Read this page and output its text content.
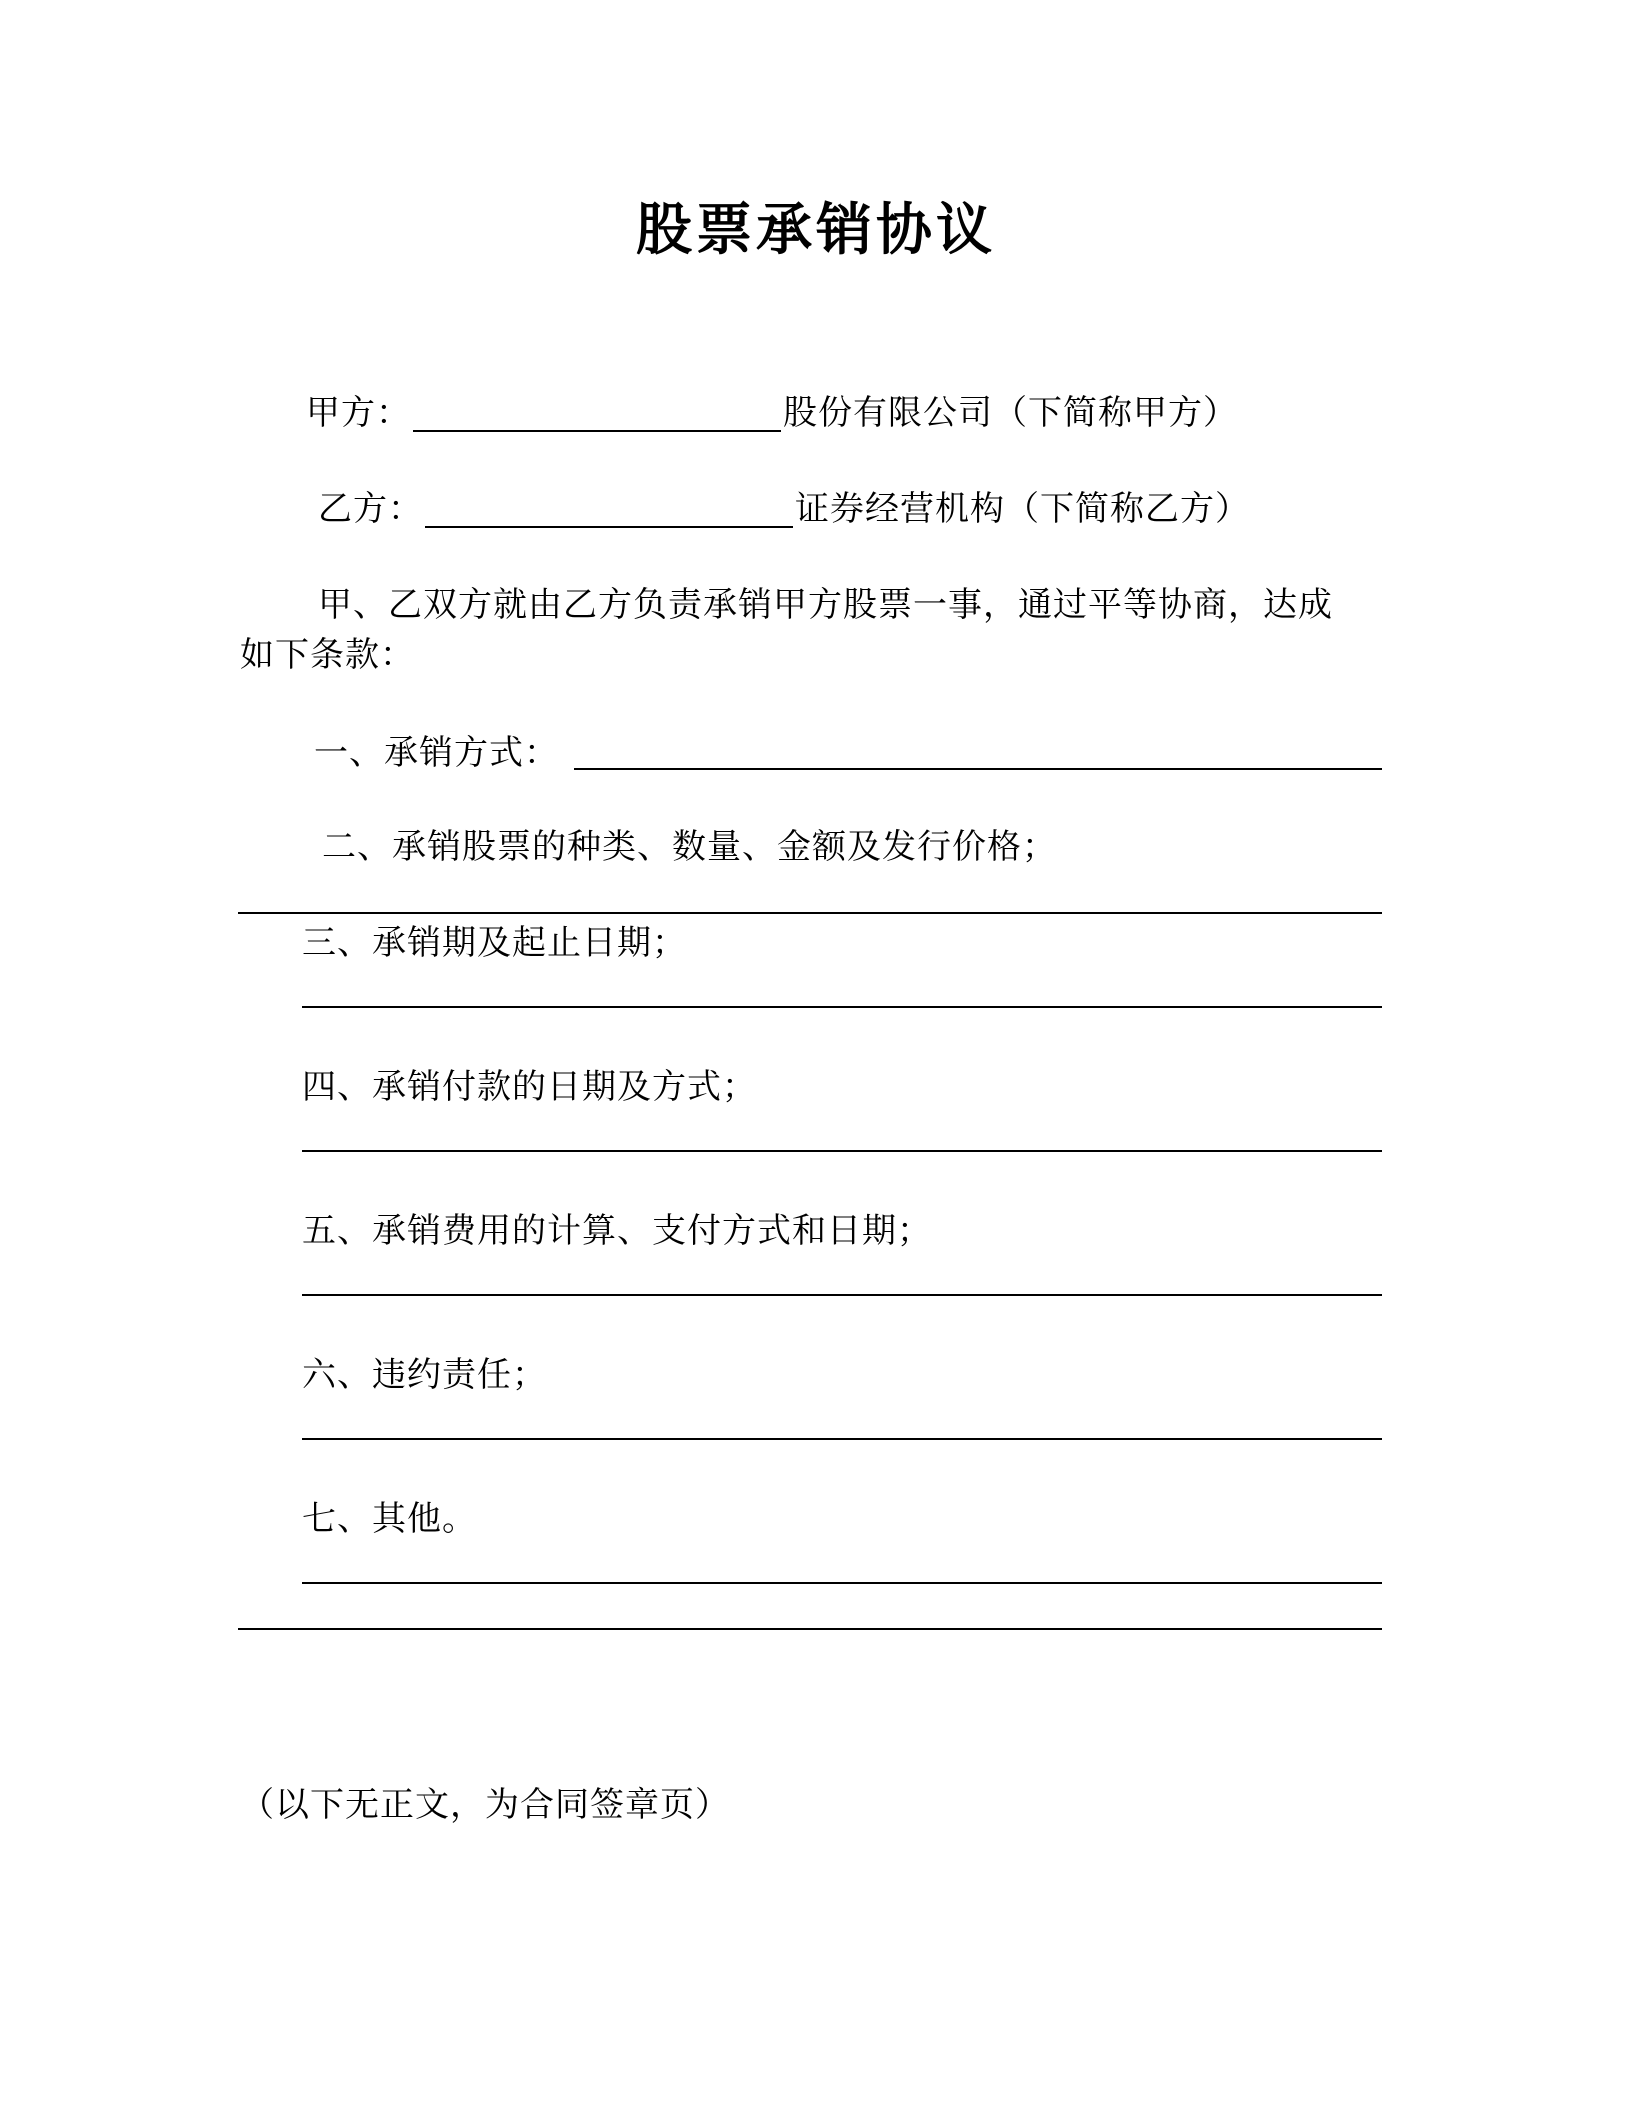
股票承销协议
甲方：	股份有限公司（下简称甲方）
乙方：	证券经营机构（下简称乙方）
甲、乙双方就由乙方负责承销甲方股票一事，通过平等协商，达成
如下条款：
一、承销方式：
二、承销股票的种类、数量、金额及发行价格；
三、承销期及起止日期；
四、承销付款的日期及方式；
五、承销费用的计算、支付方式和日期；
六、违约责任；
七、其他。
（以下无正文，为合同签章页）
